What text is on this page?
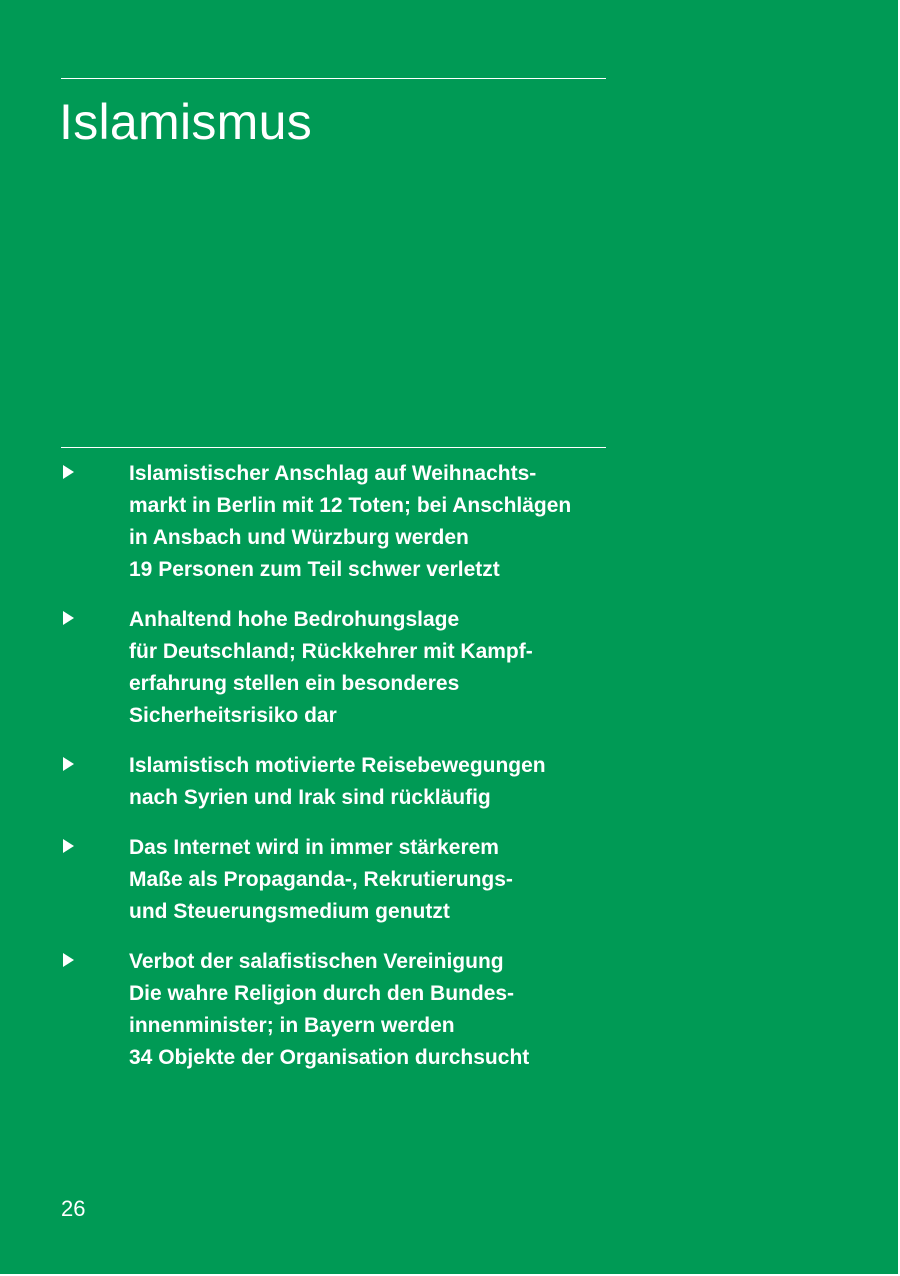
Islamismus
Islamistischer Anschlag auf Weihnachts-
markt in Berlin mit 12 Toten; bei Anschlägen
in Ansbach und Würzburg werden
19 Personen zum Teil schwer verletzt
Anhaltend hohe Bedrohungslage
für Deutschland; Rückkehrer mit Kampf-
erfahrung stellen ein besonderes
Sicherheitsrisiko dar
Islamistisch motivierte Reisebewegungen
nach Syrien und Irak sind rückläufig
Das Internet wird in immer stärkerem
Maße als Propaganda-, Rekrutierungs-
und Steuerungsmedium genutzt
Verbot der salafistischen Vereinigung
Die wahre Religion durch den Bundes-
innenminister; in Bayern werden
34 Objekte der Organisation durchsucht
26
